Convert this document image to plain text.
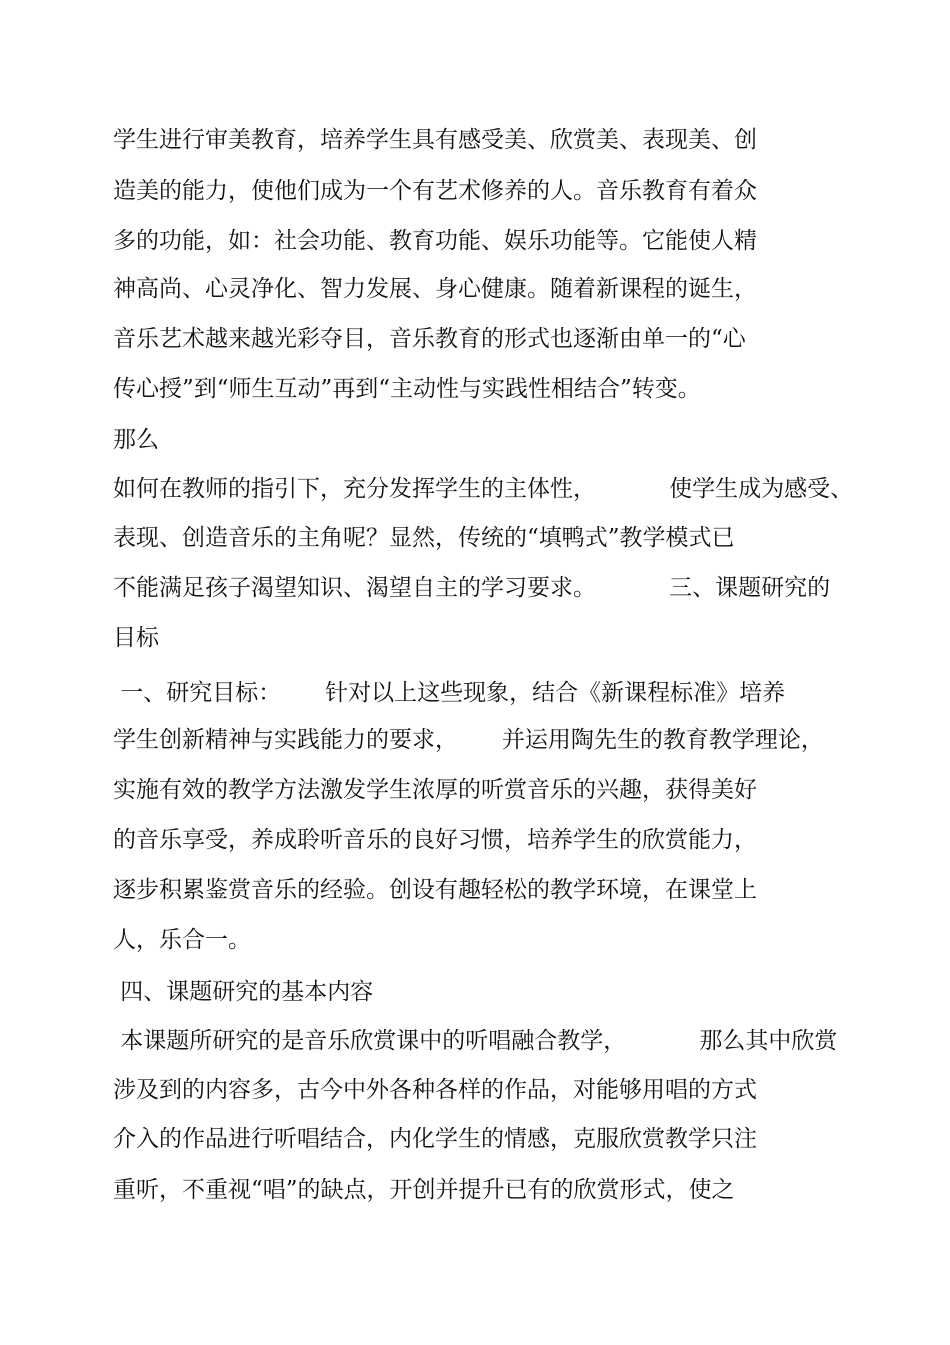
学生进行审美教育，培养学生具有感受美、欣赏美、表现美、创
造美的能力，使他们成为一个有艺术修养的人。音乐教育有着众
多的功能，如：社会功能、教育功能、娱乐功能等。它能使人精
神高尚、心灵净化、智力发展、身心健康。随着新课程的诞生，
音乐艺术越来越光彩夺目，音乐教育的形式也逐渐由单一的“心
传心授”到“师生互动”再到“主动性与实践性相结合”转变。
那么
如何在教师的指引下，充分发挥学生的主体性，          使学生成为感受、
表现、创造音乐的主角呢？显然，传统的“填鸭式”教学模式已
不能满足孩子渴望知识、渴望自主的学习要求。          三、课题研究的
目标
一、研究目标：      针对以上这些现象，结合《新课程标准》培养
学生创新精神与实践能力的要求，      并运用陶先生的教育教学理论，
实施有效的教学方法激发学生浓厚的听赏音乐的兴趣，获得美好
的音乐享受，养成聆听音乐的良好习惯，培养学生的欣赏能力，
逐步积累鉴赏音乐的经验。创设有趣轻松的教学环境，在课堂上
人，乐合一。
四、课题研究的基本内容
本课题所研究的是音乐欣赏课中的听唱融合教学，          那么其中欣赏
涉及到的内容多，古今中外各种各样的作品，对能够用唱的方式
介入的作品进行听唱结合，内化学生的情感，克服欣赏教学只注
重听，不重视“唱”的缺点，开创并提升已有的欣赏形式，使之
